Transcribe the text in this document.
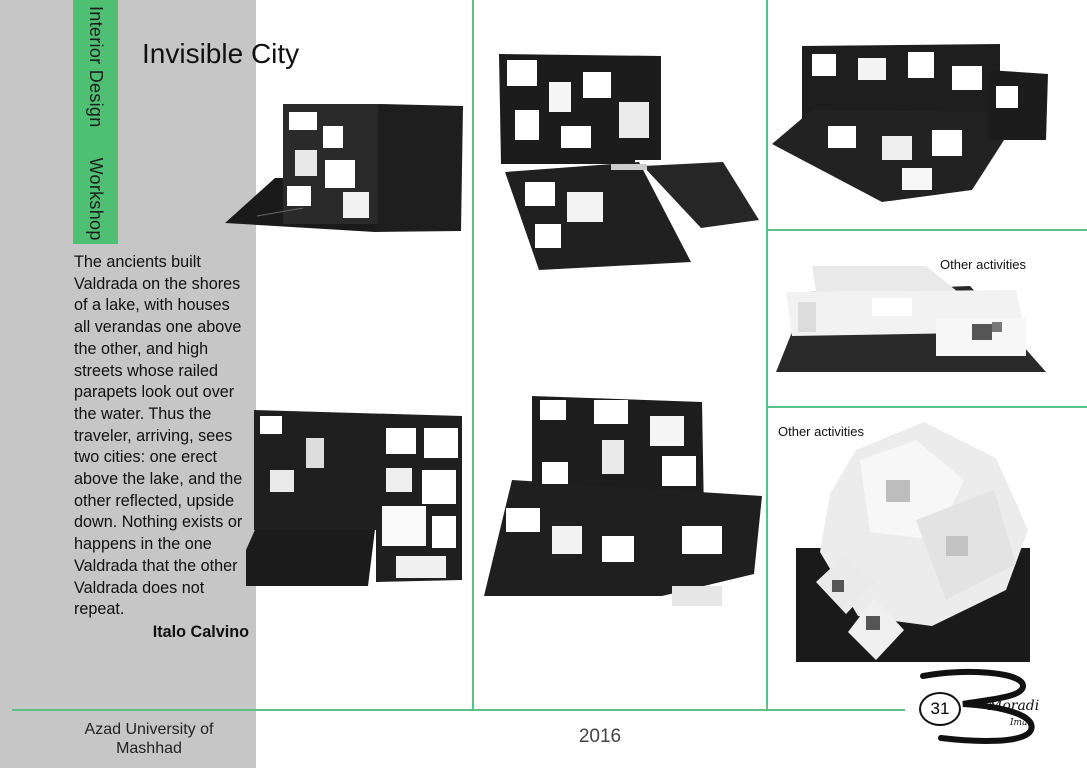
Interior DesignWorkshop
Invisible City
The ancients built Valdrada on the shores of a lake, with houses all verandas one above the other, and high streets whose railed parapets look out over the water. Thus the traveler, arriving, sees two cities: one erect above the lake, and the other reflected, upside down. Nothing exists or happens in the one Valdrada that the other Valdrada does not repeat.
Italo Calvino
Other activities
Other activities
Azad University of
Mashhad
2016
31	Moradi
Iman
